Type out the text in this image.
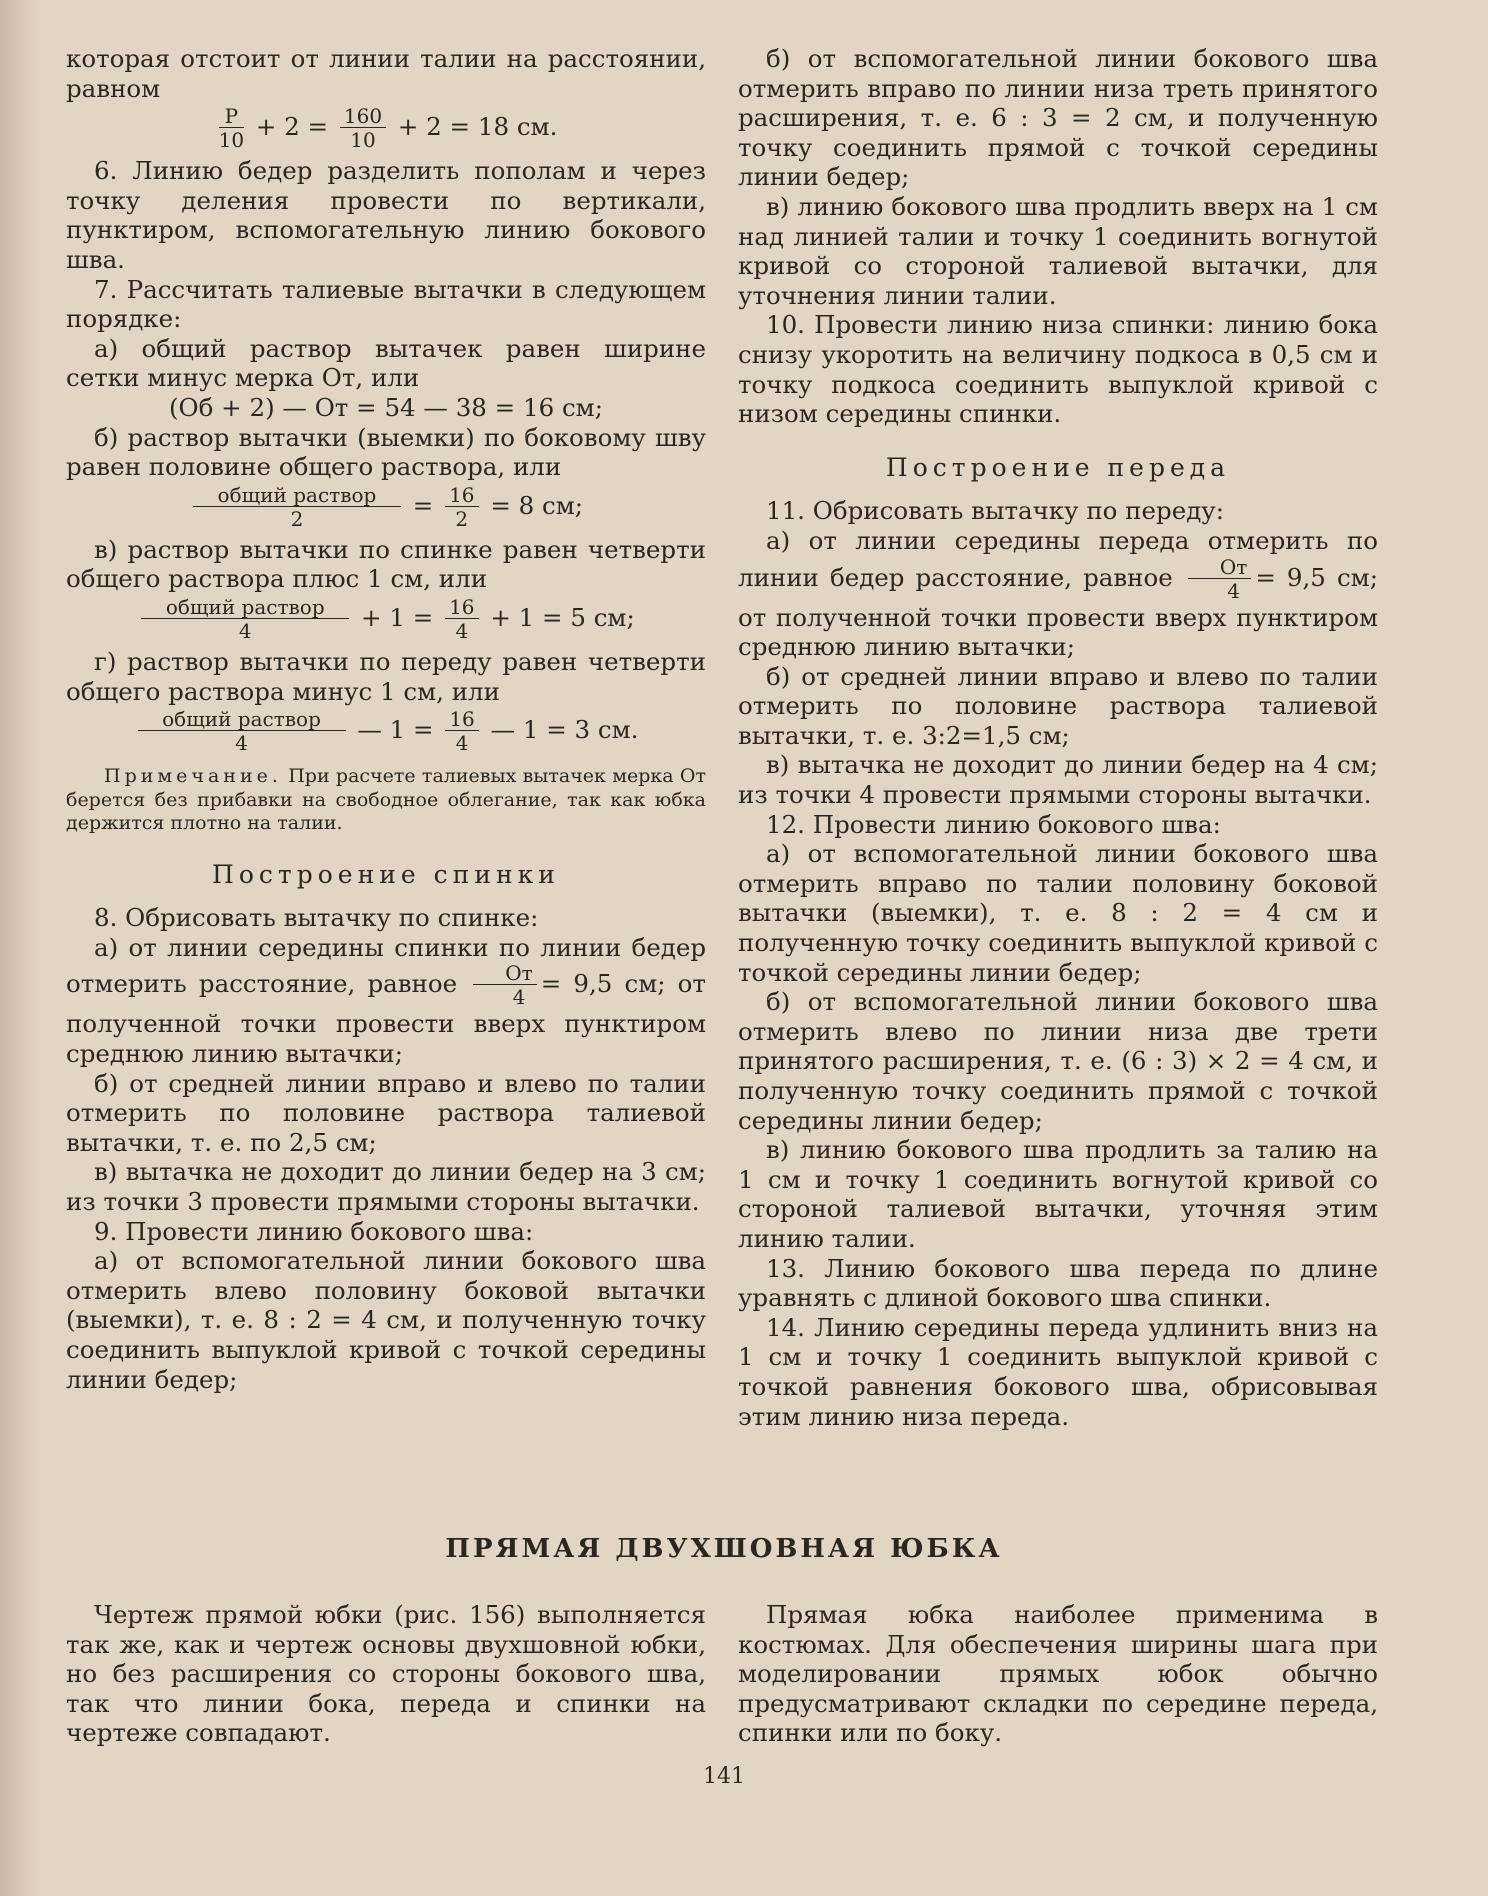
которая отстоит от линии талии на расстоянии, равном

$\frac{Р}{10} + 2 = \frac{160}{10} + 2 = 18$ см.

6. Линию бедер разделить пополам и через точку деления провести по вертикали, пунктиром, вспомогательную линию бокового шва.

7. Рассчитать талиевые вытачки в следующем порядке:

а) общий раствор вытачек равен ширине сетки минус мерка От, или

(Об + 2) — От = 54 — 38 = 16 см;

б) раствор вытачки (выемки) по боковому шву равен половине общего раствора, или

$\frac{\text{общий раствор}}{2} = \frac{16}{2} = 8$ см;

в) раствор вытачки по спинке равен четверти общего раствора плюс 1 см, или

$\frac{\text{общий раствор}}{4} + 1 = \frac{16}{4} + 1 = 5$ см;

г) раствор вытачки по переду равен четверти общего раствора минус 1 см, или

$\frac{\text{общий раствор}}{4}$ — $1 = \frac{16}{4}$ — 1 = 3 см.

Примечание. При расчете талиевых вытачек мерка От берется без прибавки на свободное облегание, так как юбка держится плотно на талии.

Построение спинки

8. Обрисовать вытачку по спинке:

а) от линии середины спинки по линии бедер отмерить расстояние, равное $\frac{От}{4} = 9,5$ см; от полученной точки провести вверх пунктиром среднюю линию вытачки;

б) от средней линии вправо и влево по талии отмерить по половине раствора талиевой вытачки, т. е. по 2,5 см;

в) вытачка не доходит до линии бедер на 3 см; из точки 3 провести прямыми стороны вытачки.

9. Провести линию бокового шва:

а) от вспомогательной линии бокового шва отмерить влево половину боковой вытачки (выемки), т. е. 8 : 2 = 4 см, и полученную точку соединить выпуклой кривой с точкой середины линии бедер;

б) от вспомогательной линии бокового шва отмерить вправо по линии низа треть принятого расширения, т. е. 6 : 3 = 2 см, и полученную точку соединить прямой с точкой середины линии бедер;

в) линию бокового шва продлить вверх на 1 см над линией талии и точку 1 соединить вогнутой кривой со стороной талиевой вытачки, для уточнения линии талии.

10. Провести линию низа спинки: линию бока снизу укоротить на величину подкоса в 0,5 см и точку подкоса соединить выпуклой кривой с низом середины спинки.

Построение переда

11. Обрисовать вытачку по переду:

а) от линии середины переда отмерить по линии бедер расстояние, равное $\frac{От}{4} = 9,5$ см; от полученной точки провести вверх пунктиром среднюю линию вытачки;

б) от средней линии вправо и влево по талии отмерить по половине раствора талиевой вытачки, т. е. 3:2=1,5 см;

в) вытачка не доходит до линии бедер на 4 см; из точки 4 провести прямыми стороны вытачки.

12. Провести линию бокового шва:

а) от вспомогательной линии бокового шва отмерить вправо по талии половину боковой вытачки (выемки), т. е. 8 : 2 = 4 см и полученную точку соединить выпуклой кривой с точкой середины линии бедер;

б) от вспомогательной линии бокового шва отмерить влево по линии низа две трети принятого расширения, т. е. (6 : 3) × 2 = 4 см, и полученную точку соединить прямой с точкой середины линии бедер;

в) линию бокового шва продлить за талию на 1 см и точку 1 соединить вогнутой кривой со стороной талиевой вытачки, уточняя этим линию талии.

13. Линию бокового шва переда по длине уравнять с длиной бокового шва спинки.

14. Линию середины переда удлинить вниз на 1 см и точку 1 соединить выпуклой кривой с точкой равнения бокового шва, обрисовывая этим линию низа переда.

ПРЯМАЯ ДВУХШОВНАЯ ЮБКА

Чертеж прямой юбки (рис. 156) выполняется так же, как и чертеж основы двухшовной юбки, но без расширения со стороны бокового шва, так что линии бока, переда и спинки на чертеже совпадают.

Прямая юбка наиболее применима в костюмах. Для обеспечения ширины шага при моделировании прямых юбок обычно предусматривают складки по середине переда, спинки или по боку.

141
